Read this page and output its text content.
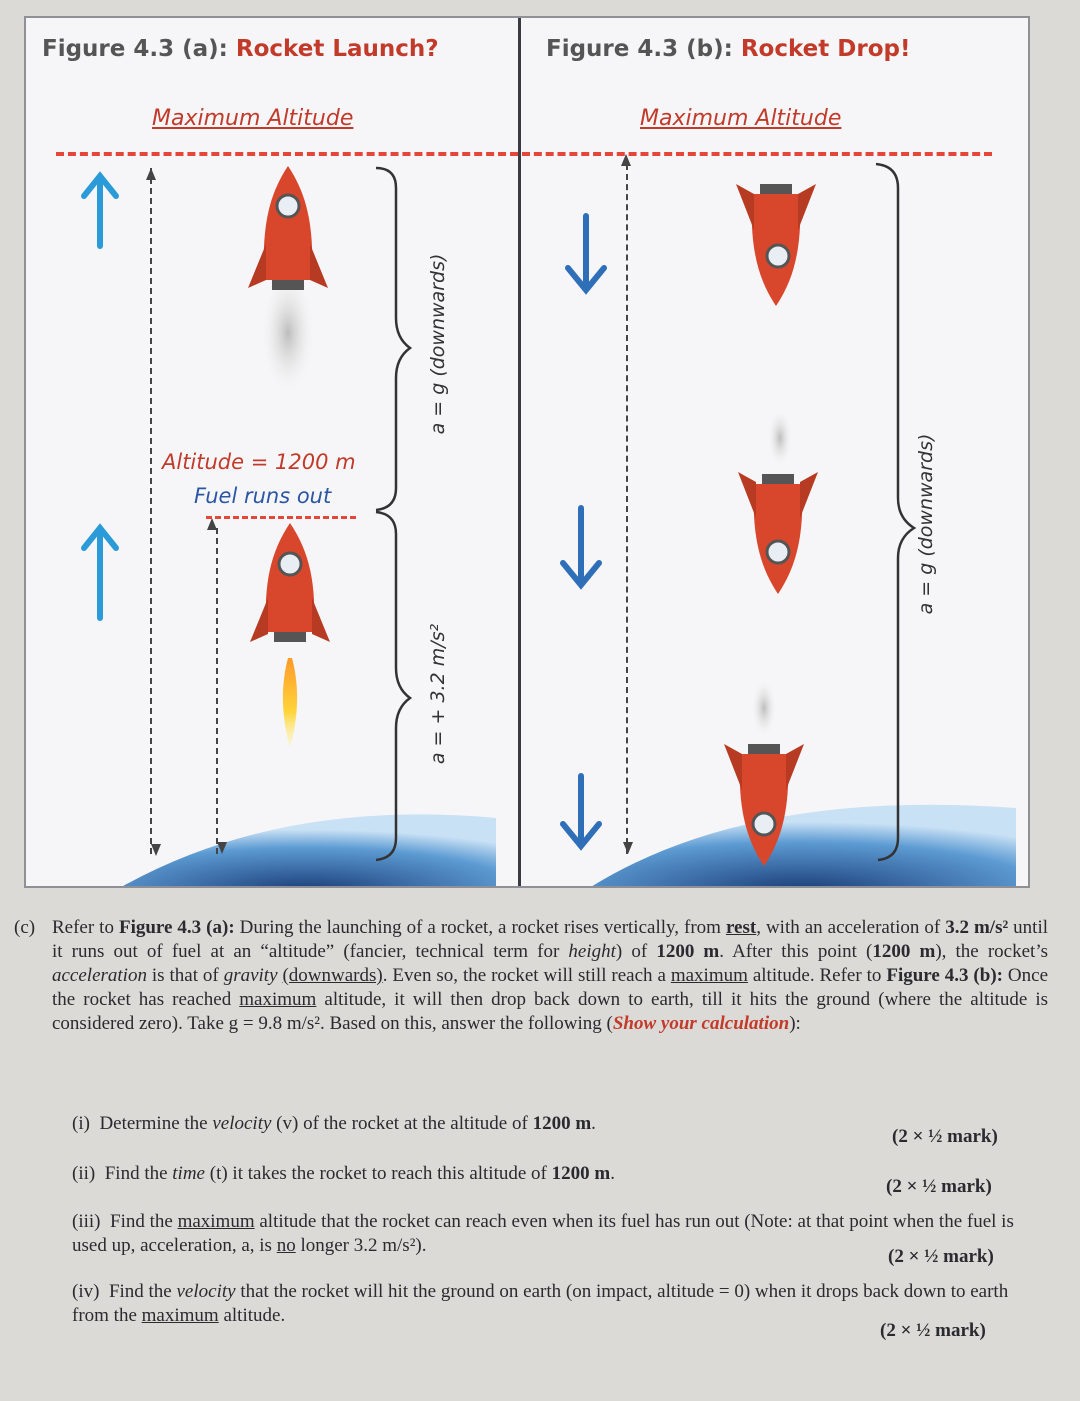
Figure 4.3 (a): Rocket Launch?
Maximum Altitude
Altitude = 1200 m
Fuel runs out
a = g (downwards)
a = + 3.2 m/s²
Figure 4.3 (b): Rocket Drop!
Maximum Altitude
a = g (downwards)
(c) Refer to Figure 4.3 (a): During the launching of a rocket, a rocket rises vertically, from rest, with an acceleration of 3.2 m/s² until it runs out of fuel at an “altitude” (fancier, technical term for height) of 1200 m. After this point (1200 m), the rocket’s acceleration is that of gravity (downwards). Even so, the rocket will still reach a maximum altitude. Refer to Figure 4.3 (b): Once the rocket has reached maximum altitude, it will then drop back down to earth, till it hits the ground (where the altitude is considered zero). Take g = 9.8 m/s². Based on this, answer the following (Show your calculation):
(i) Determine the velocity (v) of the rocket at the altitude of 1200 m.
(2 × ½ mark)
(ii) Find the time (t) it takes the rocket to reach this altitude of 1200 m.
(2 × ½ mark)
(iii) Find the maximum altitude that the rocket can reach even when its fuel has run out (Note: at that point when the fuel is used up, acceleration, a, is no longer 3.2 m/s²).
(2 × ½ mark)
(iv) Find the velocity that the rocket will hit the ground on earth (on impact, altitude = 0) when it drops back down to earth from the maximum altitude.
(2 × ½ mark)
